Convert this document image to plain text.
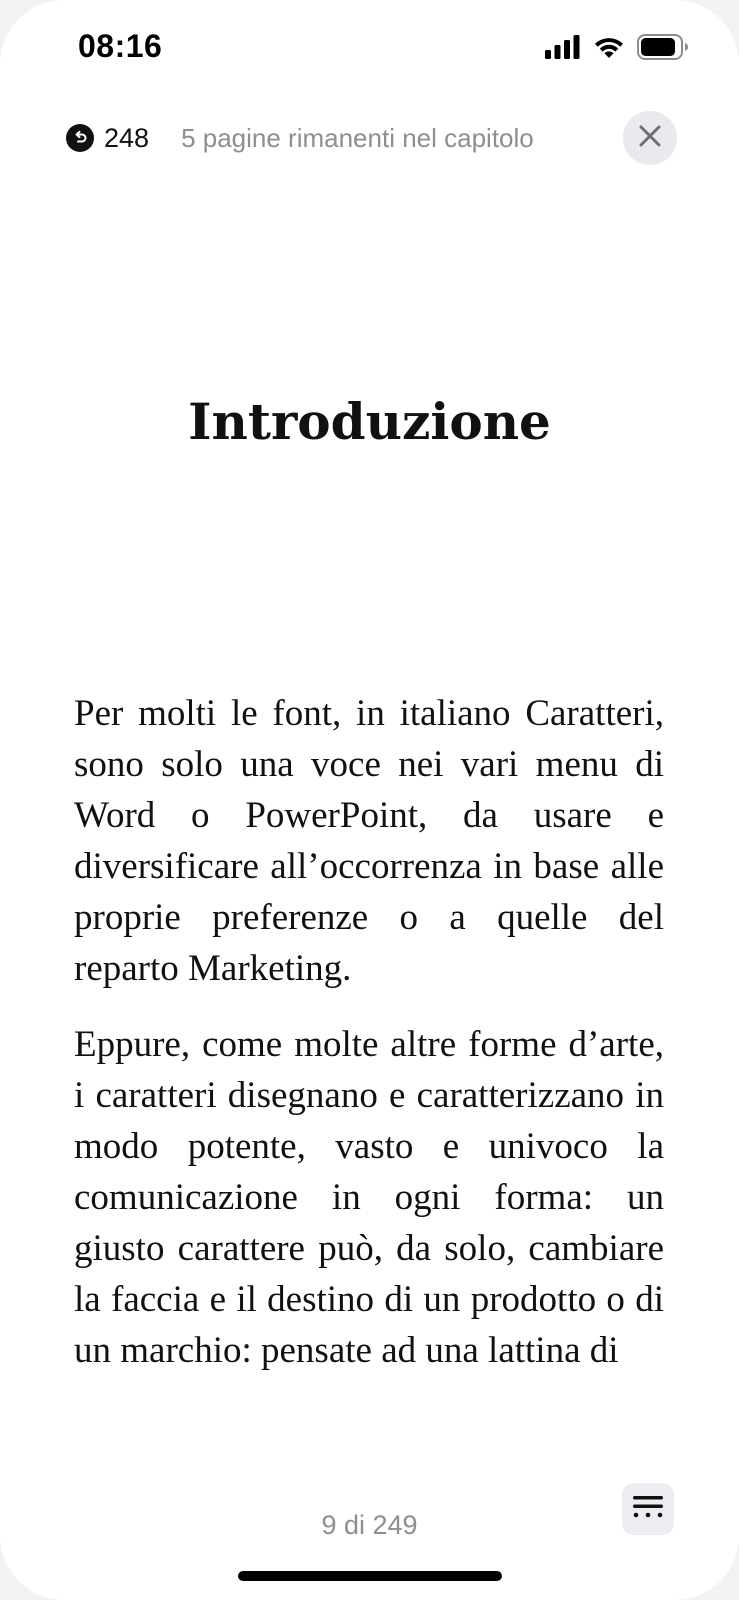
08:16
248 5 pagine rimanenti nel capitolo
Introduzione

Per molti le font, in italiano Caratteri, sono solo una voce nei vari menu di Word o PowerPoint, da usare e diversificare all’occorrenza in base alle proprie preferenze o a quelle del reparto Marketing.

Eppure, come molte altre forme d’arte, i caratteri disegnano e caratterizzano in modo potente, vasto e univoco la comunicazione in ogni forma: un giusto carattere può, da solo, cambiare la faccia e il destino di un prodotto o di un marchio: pensate ad una lattina di

9 di 249
